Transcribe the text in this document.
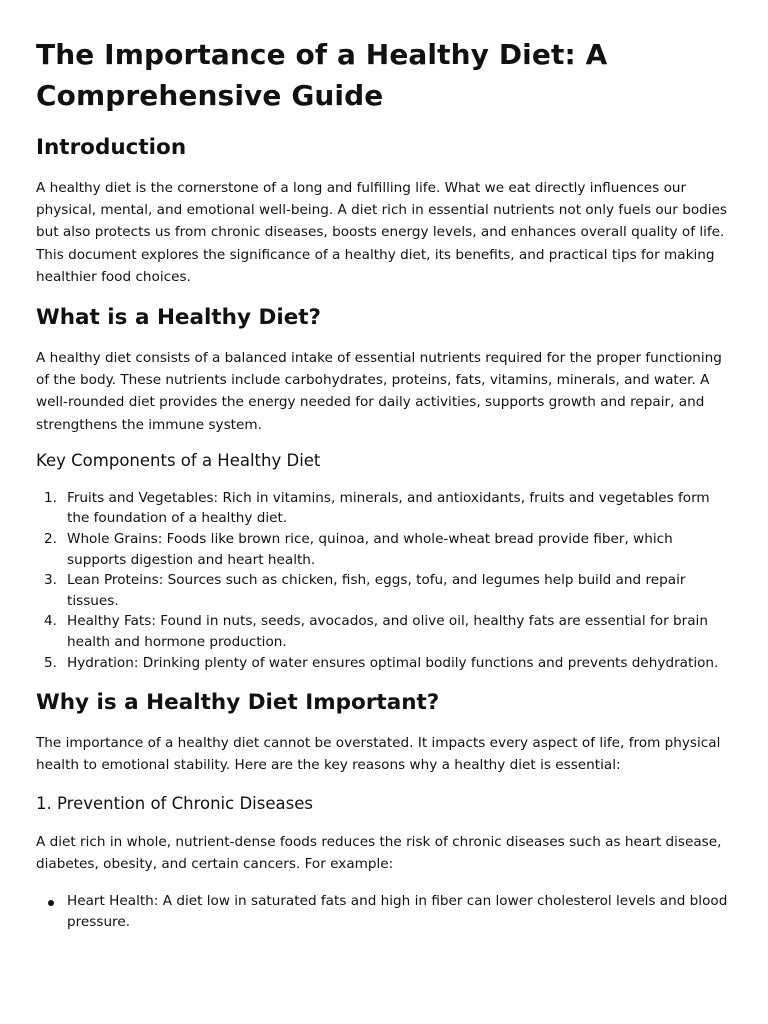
The Importance of a Healthy Diet: A Comprehensive Guide
Introduction

A healthy diet is the cornerstone of a long and fulfilling life. What we eat directly influences our physical, mental, and emotional well-being. A diet rich in essential nutrients not only fuels our bodies but also protects us from chronic diseases, boosts energy levels, and enhances overall quality of life. This document explores the significance of a healthy diet, its benefits, and practical tips for making healthier food choices.

What is a Healthy Diet?

A healthy diet consists of a balanced intake of essential nutrients required for the proper functioning of the body. These nutrients include carbohydrates, proteins, fats, vitamins, minerals, and water. A well-rounded diet provides the energy needed for daily activities, supports growth and repair, and strengthens the immune system.

Key Components of a Healthy Diet
1. Fruits and Vegetables: Rich in vitamins, minerals, and antioxidants, fruits and vegetables form the foundation of a healthy diet.
2. Whole Grains: Foods like brown rice, quinoa, and whole-wheat bread provide fiber, which supports digestion and heart health.
3. Lean Proteins: Sources such as chicken, fish, eggs, tofu, and legumes help build and repair tissues.
4. Healthy Fats: Found in nuts, seeds, avocados, and olive oil, healthy fats are essential for brain health and hormone production.
5. Hydration: Drinking plenty of water ensures optimal bodily functions and prevents dehydration.
Why is a Healthy Diet Important?

The importance of a healthy diet cannot be overstated. It impacts every aspect of life, from physical health to emotional stability. Here are the key reasons why a healthy diet is essential:

1. Prevention of Chronic Diseases

A diet rich in whole, nutrient-dense foods reduces the risk of chronic diseases such as heart disease, diabetes, obesity, and certain cancers. For example:

Heart Health: A diet low in saturated fats and high in fiber can lower cholesterol levels and blood pressure.
